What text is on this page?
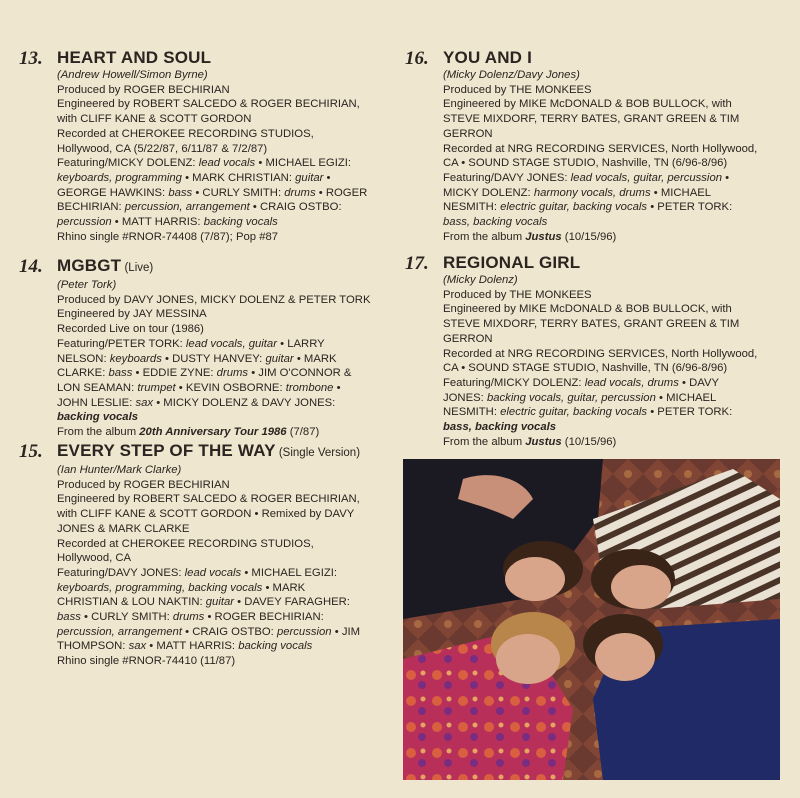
13. HEART AND SOUL
(Andrew Howell/Simon Byrne)
Produced by ROGER BECHIRIAN
Engineered by ROBERT SALCEDO & ROGER BECHIRIAN,
with CLIFF KANE & SCOTT GORDON
Recorded at CHEROKEE RECORDING STUDIOS,
Hollywood, CA (5/22/87, 6/11/87 & 7/2/87)
Featuring/MICKY DOLENZ: lead vocals • MICHAEL EGIZI:
keyboards, programming • MARK CHRISTIAN: guitar •
GEORGE HAWKINS: bass • CURLY SMITH: drums • ROGER
BECHIRIAN: percussion, arrangement • CRAIG OSTBO:
percussion • MATT HARRIS: backing vocals
Rhino single #RNOR-74408 (7/87); Pop #87
14. MGBGT (Live)
(Peter Tork)
Produced by DAVY JONES, MICKY DOLENZ & PETER TORK
Engineered by JAY MESSINA
Recorded Live on tour (1986)
Featuring/PETER TORK: lead vocals, guitar • LARRY
NELSON: keyboards • DUSTY HANVEY: guitar • MARK
CLARKE: bass • EDDIE ZYNE: drums • JIM O'CONNOR &
LON SEAMAN: trumpet • KEVIN OSBORNE: trombone •
JOHN LESLIE: sax • MICKY DOLENZ & DAVY JONES:
backing vocals
From the album 20th Anniversary Tour 1986 (7/87)
15. EVERY STEP OF THE WAY (Single Version)
(Ian Hunter/Mark Clarke)
Produced by ROGER BECHIRIAN
Engineered by ROBERT SALCEDO & ROGER BECHIRIAN,
with CLIFF KANE & SCOTT GORDON • Remixed by DAVY
JONES & MARK CLARKE
Recorded at CHEROKEE RECORDING STUDIOS,
Hollywood, CA
Featuring/DAVY JONES: lead vocals • MICHAEL EGIZI:
keyboards, programming, backing vocals • MARK
CHRISTIAN & LOU NAKTIN: guitar • DAVEY FARAGHER:
bass • CURLY SMITH: drums • ROGER BECHIRIAN:
percussion, arrangement • CRAIG OSTBO: percussion • JIM
THOMPSON: sax • MATT HARRIS: backing vocals
Rhino single #RNOR-74410 (11/87)
16. YOU AND I
(Micky Dolenz/Davy Jones)
Produced by THE MONKEES
Engineered by MIKE McDONALD & BOB BULLOCK, with
STEVE MIXDORF, TERRY BATES, GRANT GREEN & TIM
GERRON
Recorded at NRG RECORDING SERVICES, North Hollywood,
CA • SOUND STAGE STUDIO, Nashville, TN (6/96-8/96)
Featuring/DAVY JONES: lead vocals, guitar, percussion •
MICKY DOLENZ: harmony vocals, drums • MICHAEL
NESMITH: electric guitar, backing vocals • PETER TORK:
bass, backing vocals
From the album Justus (10/15/96)
17. REGIONAL GIRL
(Micky Dolenz)
Produced by THE MONKEES
Engineered by MIKE McDONALD & BOB BULLOCK, with
STEVE MIXDORF, TERRY BATES, GRANT GREEN & TIM
GERRON
Recorded at NRG RECORDING SERVICES, North Hollywood,
CA • SOUND STAGE STUDIO, Nashville, TN (6/96-8/96)
Featuring/MICKY DOLENZ: lead vocals, drums • DAVY
JONES: backing vocals, guitar, percussion • MICHAEL
NESMITH: electric guitar, backing vocals • PETER TORK:
bass, backing vocals
From the album Justus (10/15/96)
